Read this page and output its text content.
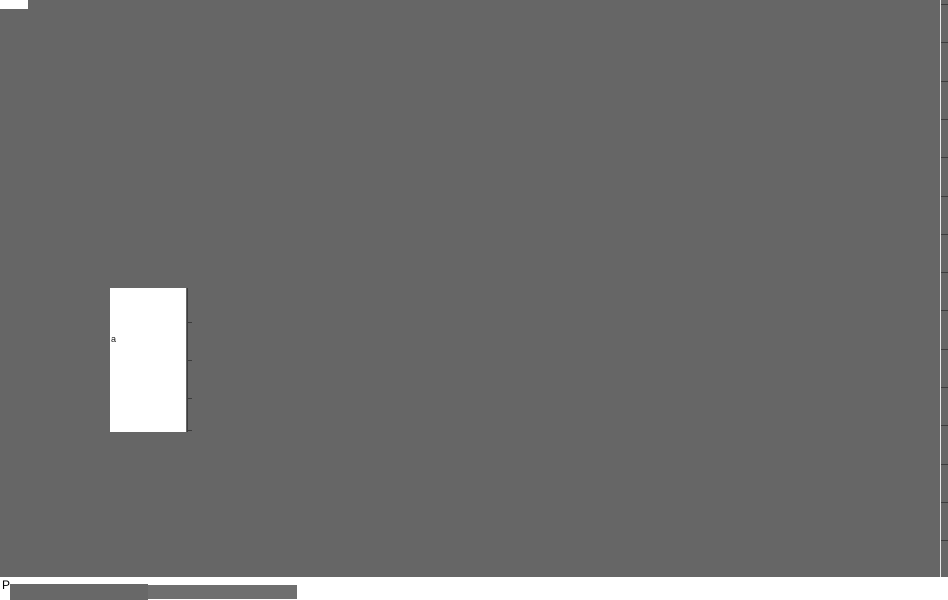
a
P
